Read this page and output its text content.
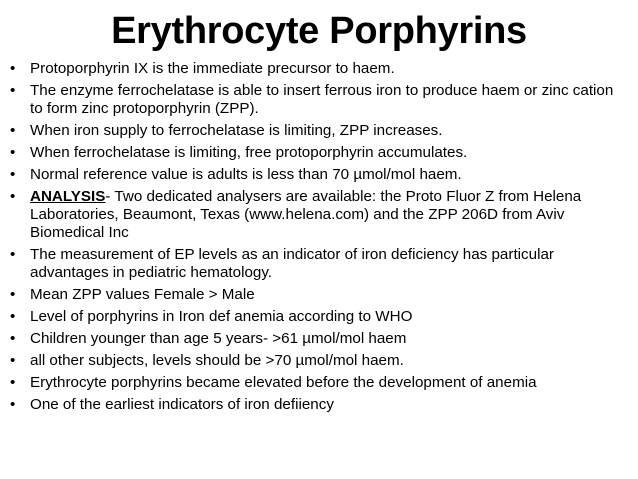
Erythrocyte Porphyrins
• Protoporphyrin IX is the immediate precursor to haem.
• The enzyme ferrochelatase is able to insert ferrous iron to produce haem or zinc cation to form zinc protoporphyrin (ZPP).
• When iron supply to ferrochelatase is limiting, ZPP increases.
• When ferrochelatase is limiting, free protoporphyrin accumulates.
• Normal reference value is adults is less than 70 µmol/mol haem.
• ANALYSIS- Two dedicated analysers are available: the Proto Fluor Z from Helena Laboratories, Beaumont, Texas (www.helena.com) and the ZPP 206D from Aviv Biomedical Inc
• The measurement of EP levels as an indicator of iron deficiency has particular advantages in pediatric hematology.
• Mean ZPP values Female > Male
• Level of porphyrins in Iron def anemia according to WHO
• Children younger than age 5 years- >61 µmol/mol haem
• all other subjects, levels should be >70 µmol/mol haem.
• Erythrocyte porphyrins became elevated before the development of anemia
• One of the earliest indicators of iron defiiency
